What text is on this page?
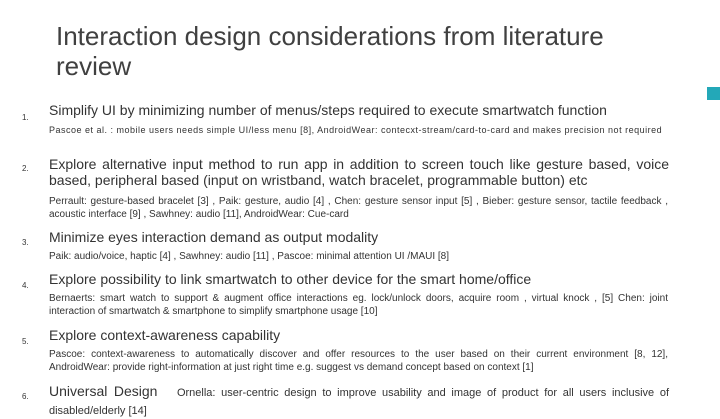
Interaction design considerations from literature review
1. Simplify UI by minimizing number of menus/steps required to execute smartwatch function
Pascoe et al. : mobile users needs simple UI/less menu [8], AndroidWear: contecxt-stream/card-to-card and makes precision not required
2. Explore alternative input method to run app in addition to screen touch like gesture based, voice based, peripheral based (input on wristband, watch bracelet, programmable button) etc
Perrault: gesture-based bracelet [3] , Paik: gesture, audio [4] , Chen: gesture sensor input [5] , Bieber: gesture sensor, tactile feedback , acoustic interface [9] , Sawhney: audio [11], AndroidWear: Cue-card
3. Minimize eyes interaction demand as output modality
Paik: audio/voice, haptic [4] , Sawhney: audio [11] , Pascoe: minimal attention UI /MAUI [8]
4. Explore possibility to link smartwatch to other device for the smart home/office
Bernaerts: smart watch to support & augment office interactions eg. lock/unlock doors, acquire room , virtual knock , [5] Chen: joint interaction of smartwatch & smartphone to simplify smartphone usage [10]
5. Explore context-awareness capability
Pascoe: context-awareness to automatically discover and offer resources to the user based on their current environment [8, 12], AndroidWear: provide right-information at just right time e.g. suggest vs demand concept based on context [1]
6. Universal Design Ornella: user-centric design to improve usability and image of product for all users inclusive of disabled/elderly [14]
